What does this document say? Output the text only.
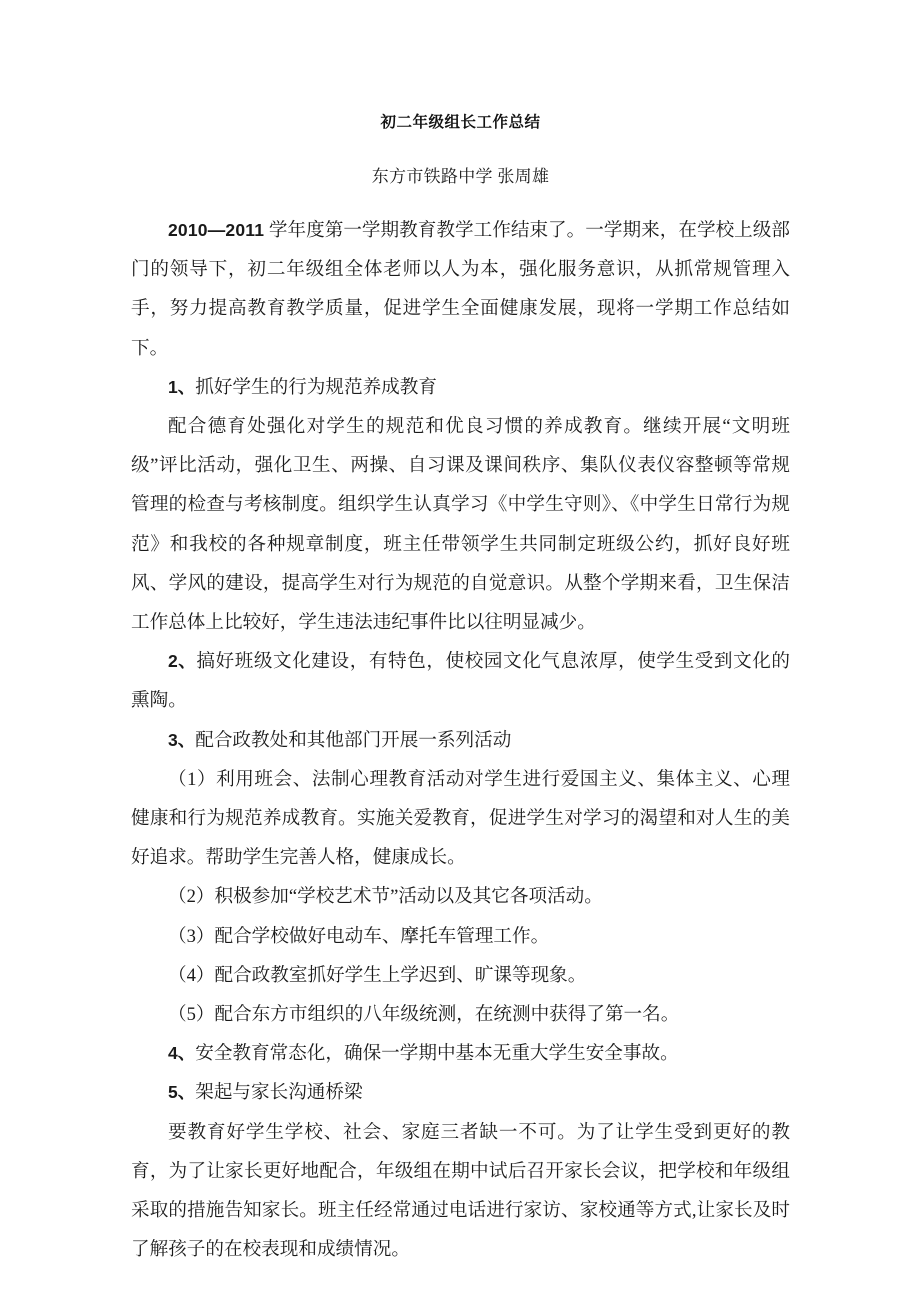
初二年级组长工作总结

东方市铁路中学 张周雄

2010—2011 学年度第一学期教育教学工作结束了。一学期来，在学校上级部门的领导下，初二年级组全体老师以人为本，强化服务意识，从抓常规管理入手，努力提高教育教学质量，促进学生全面健康发展，现将一学期工作总结如下。

1、抓好学生的行为规范养成教育

配合德育处强化对学生的规范和优良习惯的养成教育。继续开展“文明班级”评比活动，强化卫生、两操、自习课及课间秩序、集队仪表仪容整顿等常规管理的检查与考核制度。组织学生认真学习《中学生守则》、《中学生日常行为规范》和我校的各种规章制度，班主任带领学生共同制定班级公约，抓好良好班风、学风的建设，提高学生对行为规范的自觉意识。从整个学期来看，卫生保洁工作总体上比较好，学生违法违纪事件比以往明显减少。

2、搞好班级文化建设，有特色，使校园文化气息浓厚，使学生受到文化的熏陶。

3、配合政教处和其他部门开展一系列活动

（1）利用班会、法制心理教育活动对学生进行爱国主义、集体主义、心理健康和行为规范养成教育。实施关爱教育，促进学生对学习的渴望和对人生的美好追求。帮助学生完善人格，健康成长。

（2）积极参加“学校艺术节”活动以及其它各项活动。

（3）配合学校做好电动车、摩托车管理工作。

（4）配合政教室抓好学生上学迟到、旷课等现象。

（5）配合东方市组织的八年级统测，在统测中获得了第一名。

4、安全教育常态化，确保一学期中基本无重大学生安全事故。

5、架起与家长沟通桥梁

要教育好学生学校、社会、家庭三者缺一不可。为了让学生受到更好的教育，为了让家长更好地配合，年级组在期中试后召开家长会议，把学校和年级组采取的措施告知家长。班主任经常通过电话进行家访、家校通等方式,让家长及时了解孩子的在校表现和成绩情况。
